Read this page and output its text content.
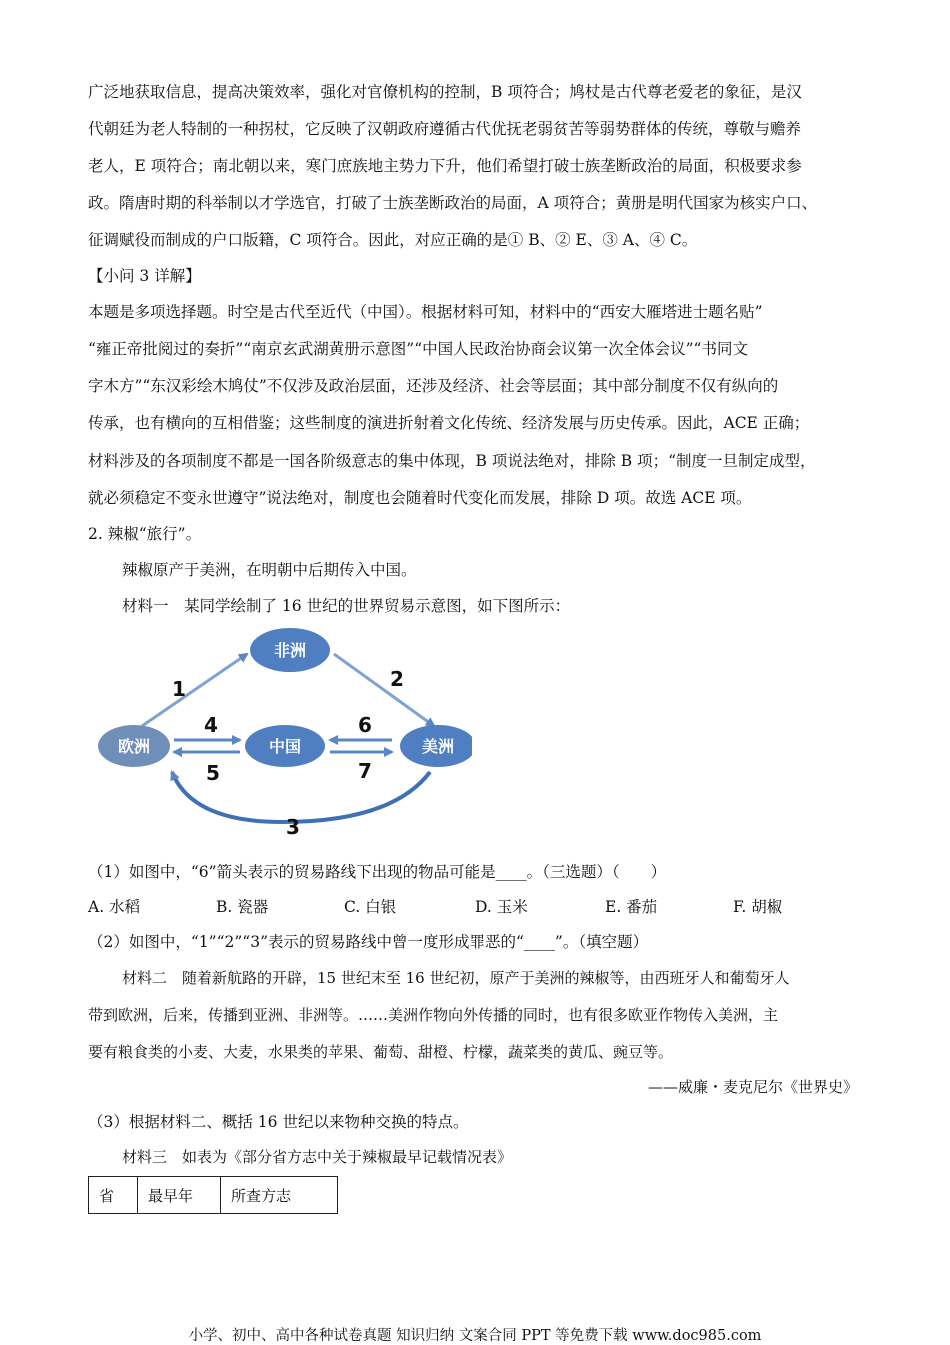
广泛地获取信息，提高决策效率，强化对官僚机构的控制，B 项符合；鸠杖是古代尊老爱老的象征，是汉
代朝廷为老人特制的一种拐杖，它反映了汉朝政府遵循古代优抚老弱贫苦等弱势群体的传统，尊敬与赡养
老人，E 项符合；南北朝以来，寒门庶族地主势力下升，他们希望打破士族垄断政治的局面，积极要求参
政。隋唐时期的科举制以才学选官，打破了士族垄断政治的局面，A 项符合；黄册是明代国家为核实户口、
征调赋役而制成的户口版籍，C 项符合。因此，对应正确的是① B、② E、③ A、④ C。
【小问 3 详解】
本题是多项选择题。时空是古代至近代（中国）。根据材料可知，材料中的“西安大雁塔进士题名贴”
“雍正帝批阅过的奏折”“南京玄武湖黄册示意图”“中国人民政治协商会议第一次全体会议”“书同文
字木方”“东汉彩绘木鸠仗”不仅涉及政治层面，还涉及经济、社会等层面；其中部分制度不仅有纵向的
传承，也有横向的互相借鉴；这些制度的演进折射着文化传统、经济发展与历史传承。因此，ACE 正确；
材料涉及的各项制度不都是一国各阶级意志的集中体现，B 项说法绝对，排除 B 项；“制度一旦制定成型，
就必须稳定不变永世遵守”说法绝对，制度也会随着时代变化而发展，排除 D 项。故选 ACE 项。
2. 辣椒“旅行”。
辣椒原产于美洲，在明朝中后期传入中国。
材料一　某同学绘制了 16 世纪的世界贸易示意图，如下图所示：
非洲
欧洲	中国	美洲
1	2
3
4
5
6
7
（1）如图中，“6”箭头表示的贸易路线下出现的物品可能是____。（三选题）（　　）
A. 水稻	B. 瓷器	C. 白银	D. 玉米	E. 番茄	F. 胡椒
（2）如图中，“1”“2”“3”表示的贸易路线中曾一度形成罪恶的“____”。（填空题）
材料二　随着新航路的开辟，15 世纪末至 16 世纪初，原产于美洲的辣椒等，由西班牙人和葡萄牙人
带到欧洲，后来，传播到亚洲、非洲等。……美洲作物向外传播的同时，也有很多欧亚作物传入美洲，主
要有粮食类的小麦、大麦，水果类的苹果、葡萄、甜橙、柠檬，蔬菜类的黄瓜、豌豆等。
——威廉・麦克尼尔《世界史》
（3）根据材料二、概括 16 世纪以来物种交换的特点。
材料三　如表为《部分省方志中关于辣椒最早记载情况表》
省	最早年	所查方志
小学、初中、高中各种试卷真题 知识归纳 文案合同 PPT 等免费下载 www.doc985.com
